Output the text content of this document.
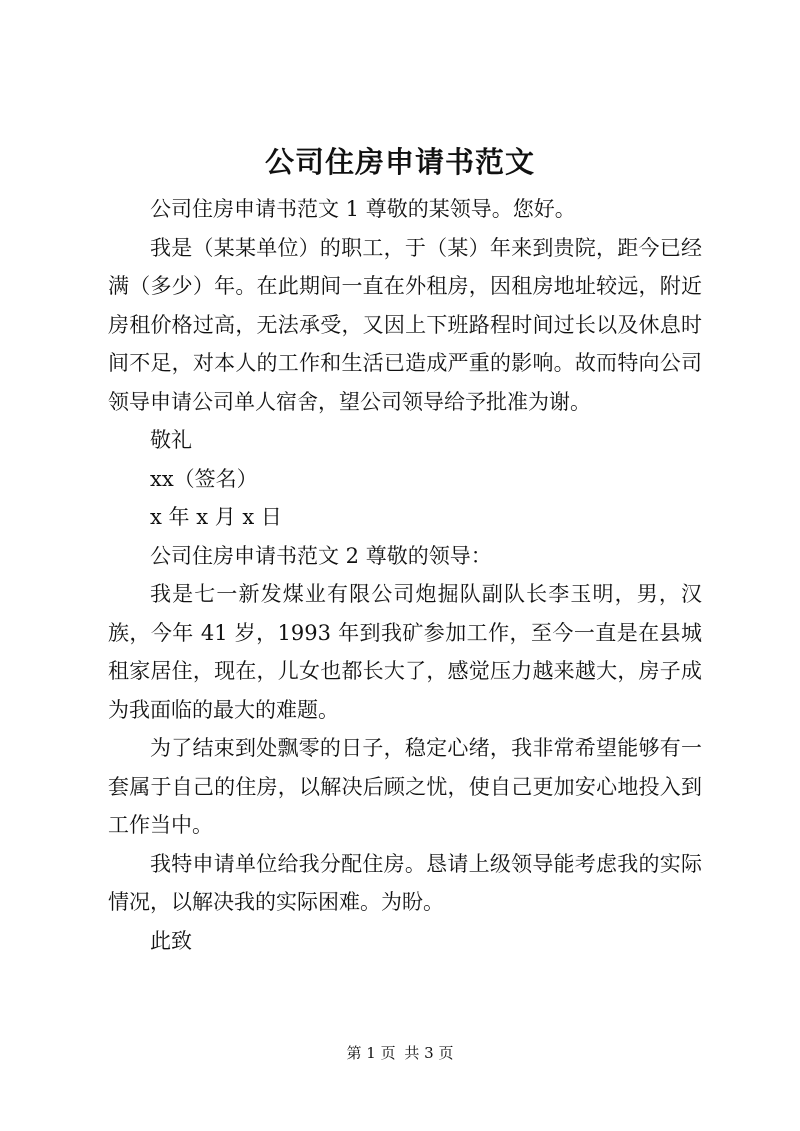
公司住房申请书范文

公司住房申请书范文 1 尊敬的某领导。您好。

我是（某某单位）的职工，于（某）年来到贵院，距今已经满（多少）年。在此期间一直在外租房，因租房地址较远，附近房租价格过高，无法承受，又因上下班路程时间过长以及休息时间不足，对本人的工作和生活已造成严重的影响。故而特向公司领导申请公司单人宿舍，望公司领导给予批准为谢。

敬礼

xx（签名）

x 年 x 月 x 日

公司住房申请书范文 2 尊敬的领导：

我是七一新发煤业有限公司炮掘队副队长李玉明，男，汉族，今年 41 岁，1993 年到我矿参加工作，至今一直是在县城租家居住，现在，儿女也都长大了，感觉压力越来越大，房子成为我面临的最大的难题。

为了结束到处飘零的日子，稳定心绪，我非常希望能够有一套属于自己的住房，以解决后顾之忧，使自己更加安心地投入到工作当中。

我特申请单位给我分配住房。恳请上级领导能考虑我的实际情况，以解决我的实际困难。为盼。

此致

第 1 页 共 3 页
